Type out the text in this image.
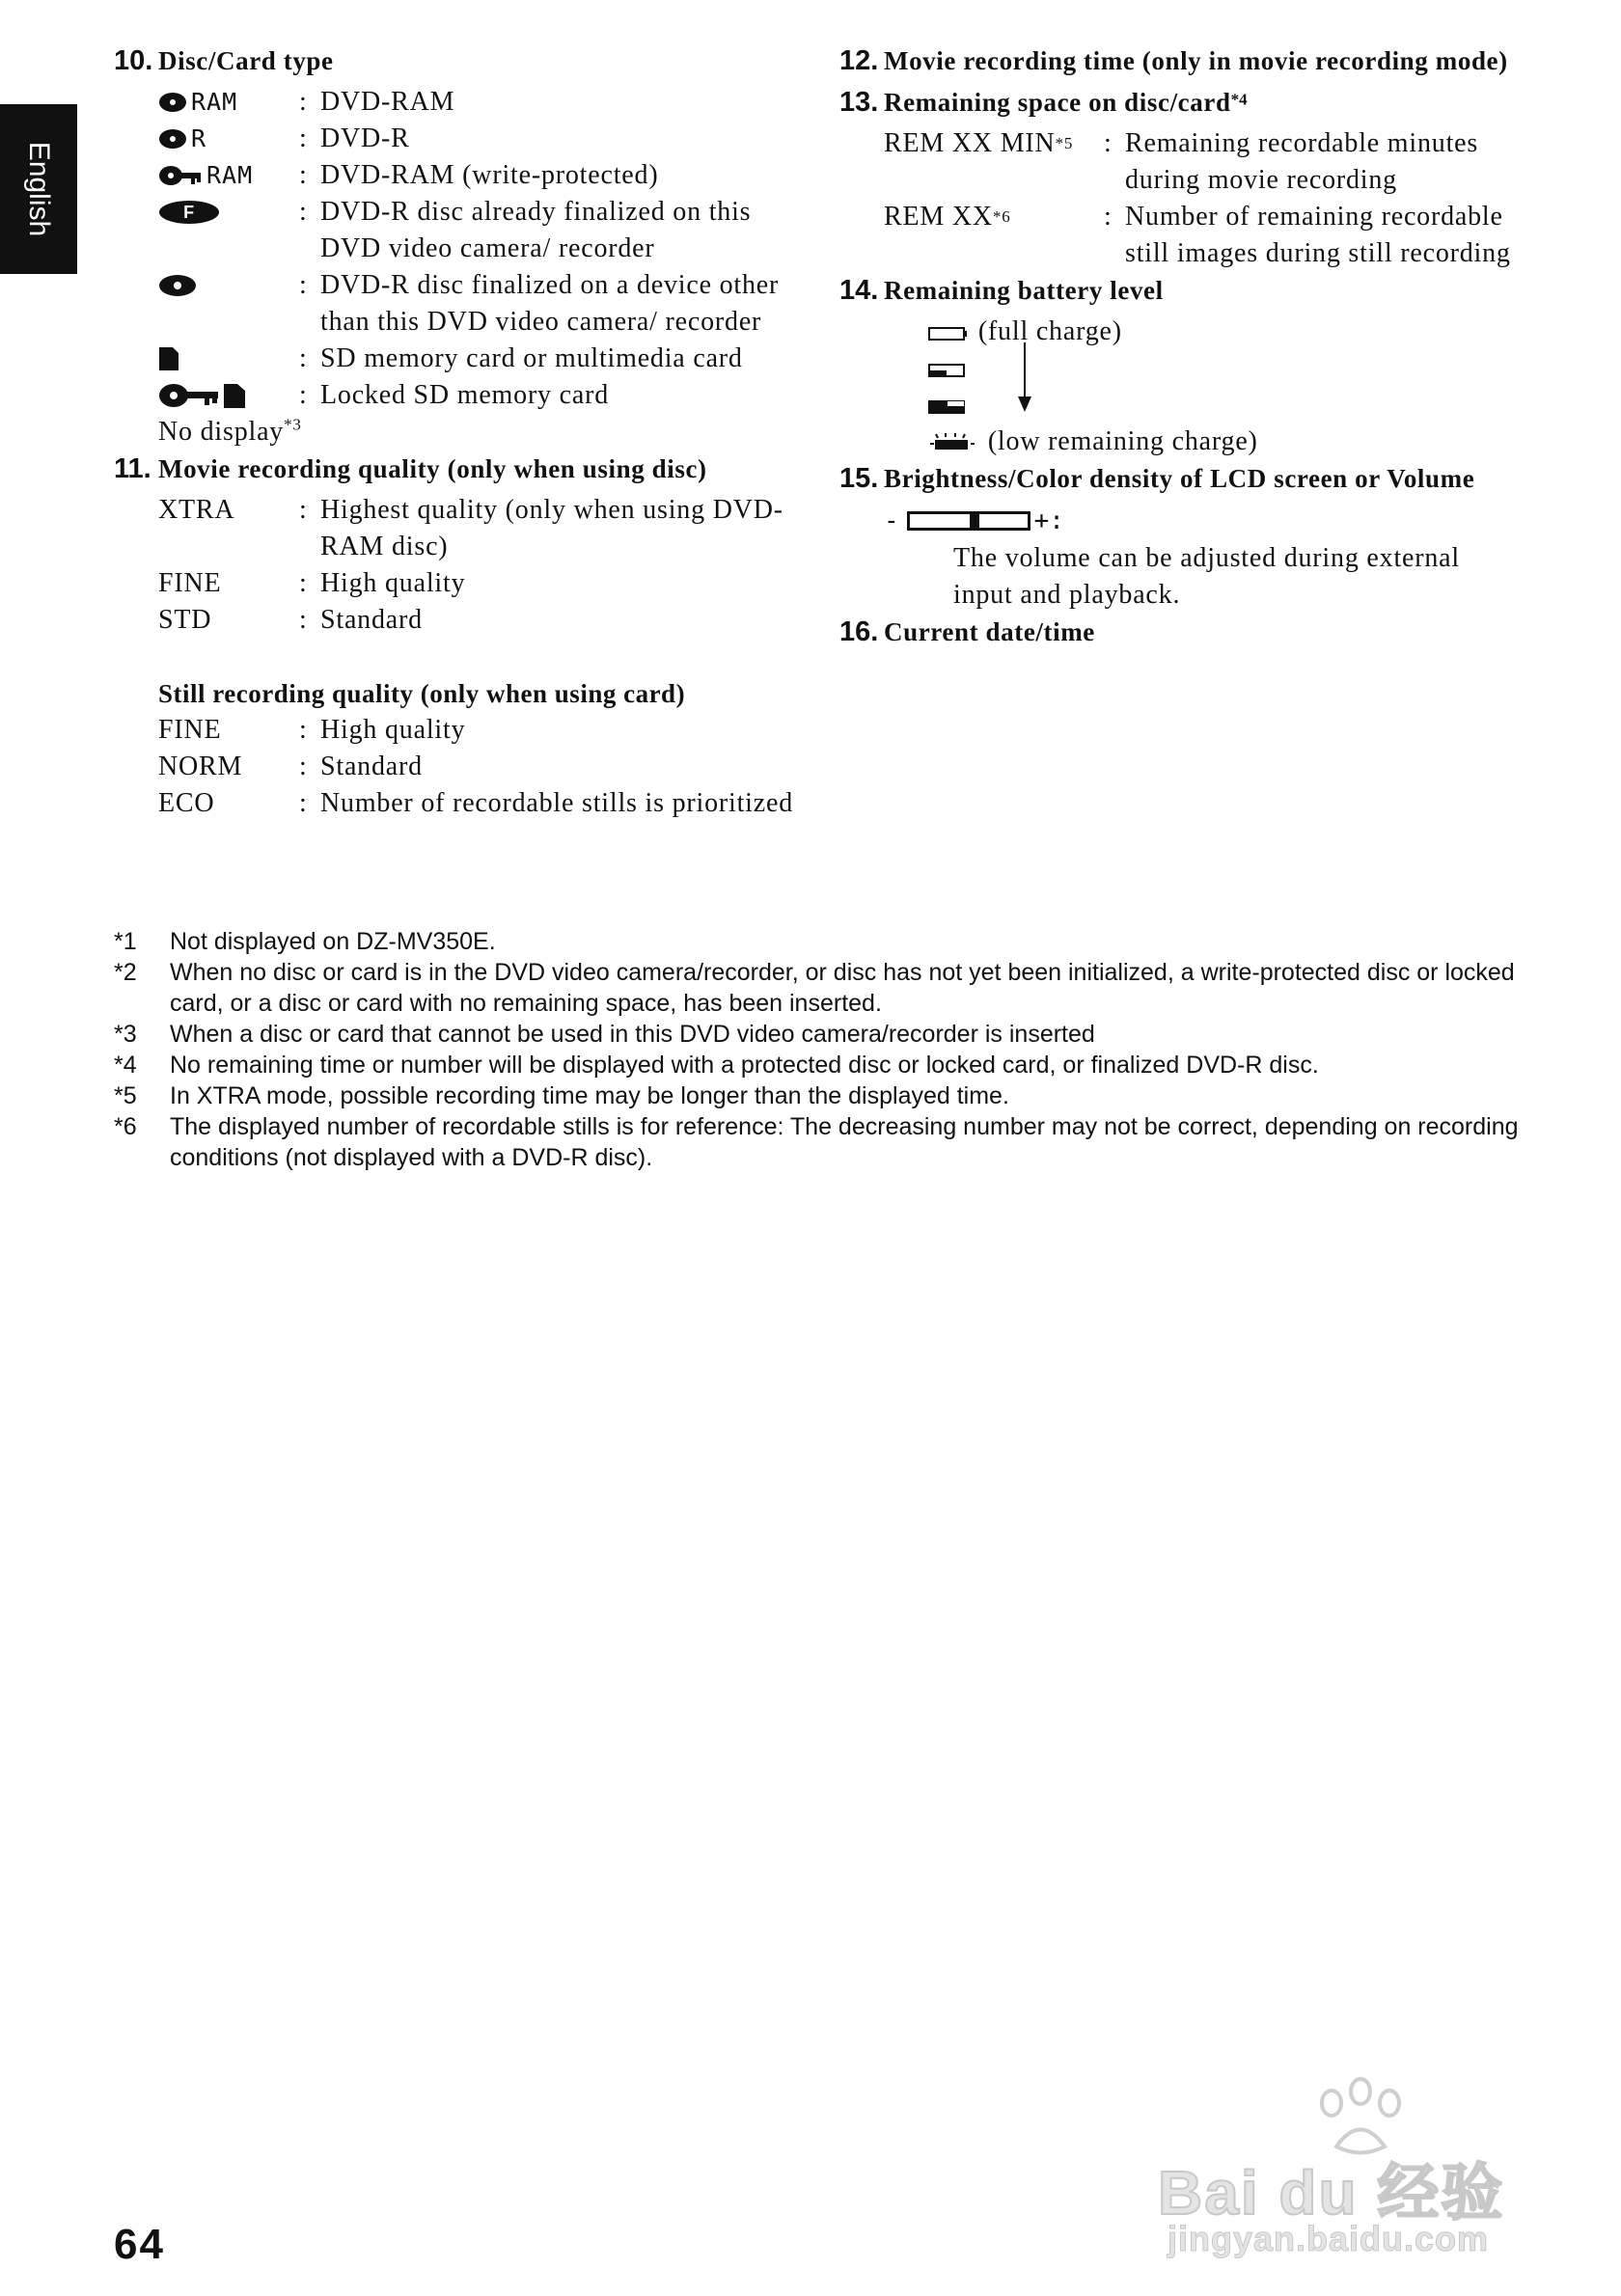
English
10. Disc/Card type
RAM : DVD-RAM
R	: DVD-R
RAM : DVD-RAM (write-protected)
F	: DVD-R disc already finalized on this DVD video camera/ recorder
: DVD-R disc finalized on a device other than this DVD video camera/ recorder
: SD memory card or multimedia card
: Locked SD memory card
No display$^{*3}$
11. Movie recording quality (only when using disc)
XTRA	: Highest quality (only when using DVD-RAM disc)
FINE	: High quality
STD	: Standard
Still recording quality (only when using card)
FINE	: High quality
NORM	: Standard
ECO	: Number of recordable stills is prioritized
12. Movie recording time (only in movie recording mode)
13. Remaining space on disc/card$^{*4}$
REM XX MIN *5 : Remaining recordable minutes during movie recording
REM XX *6	: Number of remaining recordable still images during still recording
14. Remaining battery level
(full charge)
(low remaining charge)
15. Brightness/Color density of LCD screen or Volume
-	+:
The volume can be adjusted during external input and playback.
16. Current date/time
*1	Not displayed on DZ-MV350E.
*2	When no disc or card is in the DVD video camera/recorder, or disc has not yet been initialized, a write-protected disc or locked card, or a disc or card with no remaining space, has been inserted.
*3	When a disc or card that cannot be used in this DVD video camera/recorder is inserted
*4	No remaining time or number will be displayed with a protected disc or locked card, or finalized DVD-R disc.
*5	In XTRA mode, possible recording time may be longer than the displayed time.
*6	The displayed number of recordable stills is for reference: The decreasing number may not be correct, depending on recording conditions (not displayed with a DVD-R disc).
64
Bai du 经验
jingyan.baidu.com
